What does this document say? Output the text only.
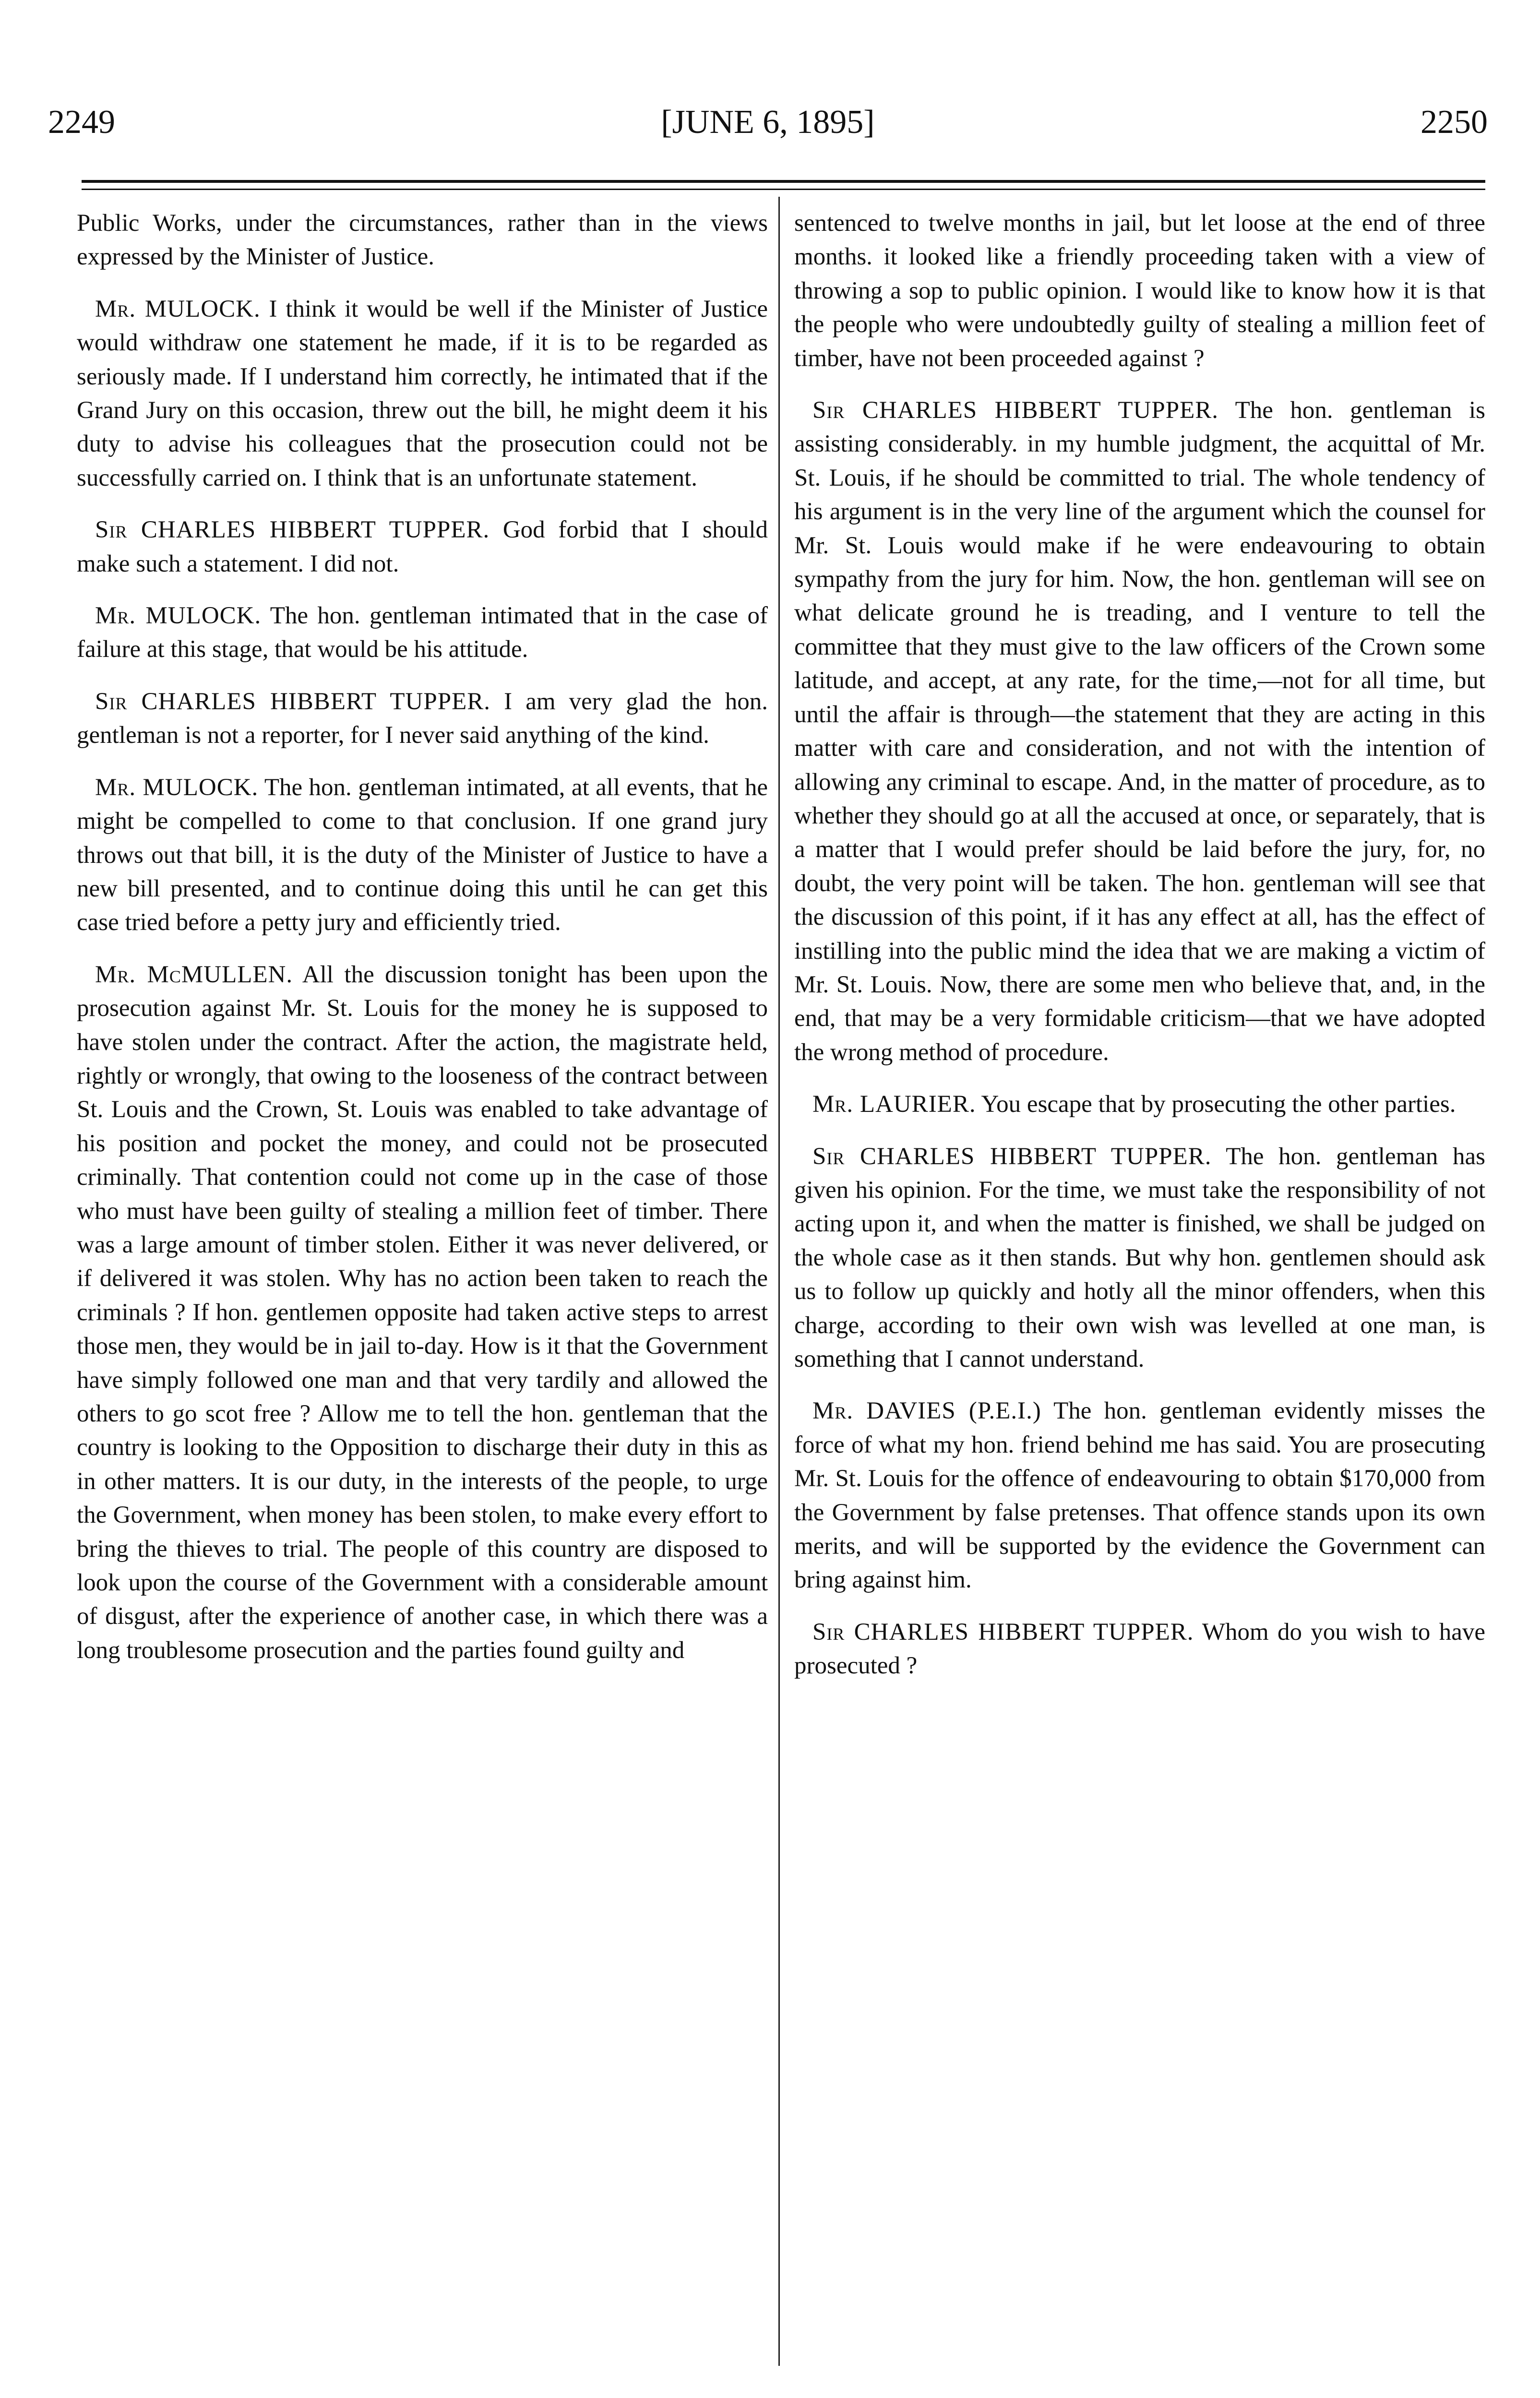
2249	[JUNE 6, 1895]	2250

Public Works, under the circumstances, rather than in the views expressed by the Minister of Justice.

Mr. MULOCK. I think it would be well if the Minister of Justice would withdraw one statement he made, if it is to be regarded as seriously made. If I understand him correctly, he intimated that if the Grand Jury on this occasion, threw out the bill, he might deem it his duty to advise his colleagues that the prosecution could not be successfully carried on. I think that is an unfortunate statement.

Sir CHARLES HIBBERT TUPPER. God forbid that I should make such a statement. I did not.

Mr. MULOCK. The hon. gentleman intimated that in the case of failure at this stage, that would be his attitude.

Sir CHARLES HIBBERT TUPPER. I am very glad the hon. gentleman is not a reporter, for I never said anything of the kind.

Mr. MULOCK. The hon. gentleman intimated, at all events, that he might be compelled to come to that conclusion. If one grand jury throws out that bill, it is the duty of the Minister of Justice to have a new bill presented, and to continue doing this until he can get this case tried before a petty jury and efficiently tried.

Mr. McMULLEN. All the discussion tonight has been upon the prosecution against Mr. St. Louis for the money he is supposed to have stolen under the contract. After the action, the magistrate held, rightly or wrongly, that owing to the looseness of the contract between St. Louis and the Crown, St. Louis was enabled to take advantage of his position and pocket the money, and could not be prosecuted criminally. That contention could not come up in the case of those who must have been guilty of stealing a million feet of timber. There was a large amount of timber stolen. Either it was never delivered, or if delivered it was stolen. Why has no action been taken to reach the criminals ? If hon. gentlemen opposite had taken active steps to arrest those men, they would be in jail to-day. How is it that the Government have simply followed one man and that very tardily and allowed the others to go scot free ? Allow me to tell the hon. gentleman that the country is looking to the Opposition to discharge their duty in this as in other matters. It is our duty, in the interests of the people, to urge the Government, when money has been stolen, to make every effort to bring the thieves to trial. The people of this country are disposed to look upon the course of the Government with a considerable amount of disgust, after the experience of another case, in which there was a long troublesome prosecution and the parties found guilty and

sentenced to twelve months in jail, but let loose at the end of three months. it looked like a friendly proceeding taken with a view of throwing a sop to public opinion. I would like to know how it is that the people who were undoubtedly guilty of stealing a million feet of timber, have not been proceeded against ?

Sir CHARLES HIBBERT TUPPER. The hon. gentleman is assisting considerably. in my humble judgment, the acquittal of Mr. St. Louis, if he should be committed to trial. The whole tendency of his argument is in the very line of the argument which the counsel for Mr. St. Louis would make if he were endeavouring to obtain sympathy from the jury for him. Now, the hon. gentleman will see on what delicate ground he is treading, and I venture to tell the committee that they must give to the law officers of the Crown some latitude, and accept, at any rate, for the time,—not for all time, but until the affair is through—the statement that they are acting in this matter with care and consideration, and not with the intention of allowing any criminal to escape. And, in the matter of procedure, as to whether they should go at all the accused at once, or separately, that is a matter that I would prefer should be laid before the jury, for, no doubt, the very point will be taken. The hon. gentleman will see that the discussion of this point, if it has any effect at all, has the effect of instilling into the public mind the idea that we are making a victim of Mr. St. Louis. Now, there are some men who believe that, and, in the end, that may be a very formidable criticism—that we have adopted the wrong method of procedure.

Mr. LAURIER. You escape that by prosecuting the other parties.

Sir CHARLES HIBBERT TUPPER. The hon. gentleman has given his opinion. For the time, we must take the responsibility of not acting upon it, and when the matter is finished, we shall be judged on the whole case as it then stands. But why hon. gentlemen should ask us to follow up quickly and hotly all the minor offenders, when this charge, according to their own wish was levelled at one man, is something that I cannot understand.

Mr. DAVIES (P.E.I.) The hon. gentleman evidently misses the force of what my hon. friend behind me has said. You are prosecuting Mr. St. Louis for the offence of endeavouring to obtain $170,000 from the Government by false pretenses. That offence stands upon its own merits, and will be supported by the evidence the Government can bring against him.

Sir CHARLES HIBBERT TUPPER. Whom do you wish to have prosecuted ?
